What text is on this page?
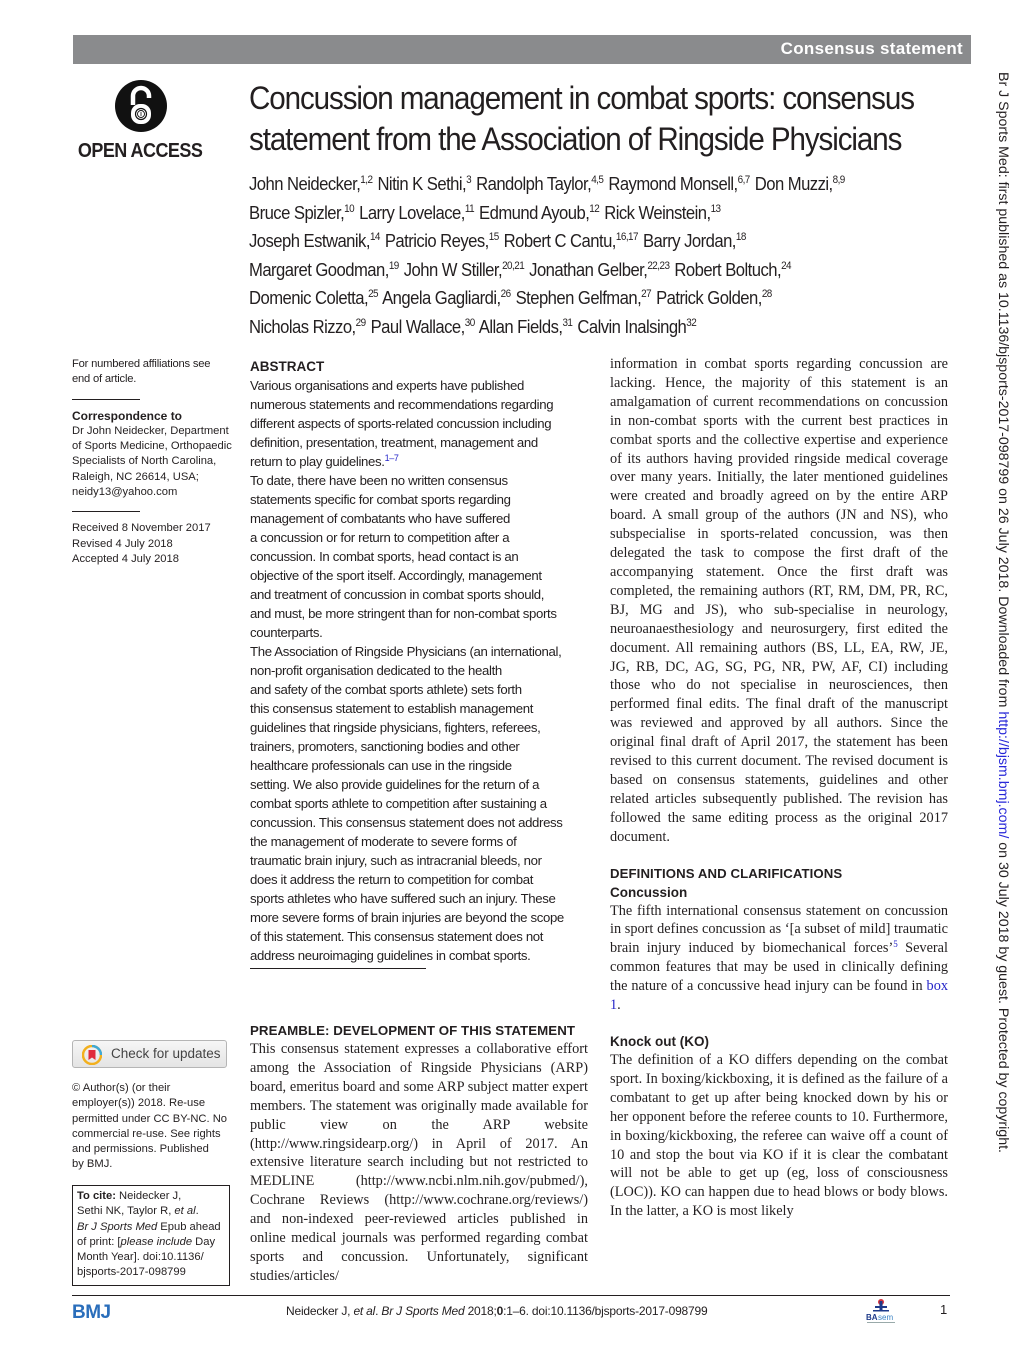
Consensus statement
OPEN ACCESS
Concussion management in combat sports: consensus
statement from the Association of Ringside Physicians
John Neidecker,$^{1,2}$ Nitin K Sethi,$^3$ Randolph Taylor,$^{4,5}$ Raymond Monsell,$^{6,7}$ Don Muzzi,$^{8,9}$
Bruce Spizler,$^{10}$ Larry Lovelace,$^{11}$ Edmund Ayoub,$^{12}$ Rick Weinstein,$^{13}$
Joseph Estwanik,$^{14}$ Patricio Reyes,$^{15}$ Robert C Cantu,$^{16,17}$ Barry Jordan,$^{18}$
Margaret Goodman,$^{19}$ John W Stiller,$^{20,21}$ Jonathan Gelber,$^{22,23}$ Robert Boltuch,$^{24}$
Domenic Coletta,$^{25}$ Angela Gagliardi,$^{26}$ Stephen Gelfman,$^{27}$ Patrick Golden,$^{28}$
Nicholas Rizzo,$^{29}$ Paul Wallace,$^{30}$ Allan Fields,$^{31}$ Calvin Inalsingh$^{32}$
For numbered affiliations see end of article.
Correspondence to
Dr John Neidecker, Department
of Sports Medicine, Orthopaedic
Specialists of North Carolina,
Raleigh, NC 26614, USA;
neidy13@yahoo.com
Received 8 November 2017
Revised 4 July 2018
Accepted 4 July 2018
Check for updates
© Author(s) (or their
employer(s)) 2018. Re-use
permitted under CC BY-NC. No
commercial re-use. See rights
and permissions. Published
by BMJ.
To cite: Neidecker J,
Sethi NK, Taylor R, et al.
Br J Sports Med Epub ahead
of print: [please include Day
Month Year]. doi:10.1136/
bjsports-2017-098799
ABSTRACT

Various organisations and experts have published
numerous statements and recommendations regarding
different aspects of sports-related concussion including
definition, presentation, treatment, management and
return to play guidelines.$^{1-7}$

To date, there have been no written consensus
statements specific for combat sports regarding
management of combatants who have suffered
a concussion or for return to competition after a
concussion. In combat sports, head contact is an
objective of the sport itself. Accordingly, management
and treatment of concussion in combat sports should,
and must, be more stringent than for non-combat sports
counterparts.

The Association of Ringside Physicians (an international,
non-profit organisation dedicated to the health
and safety of the combat sports athlete) sets forth
this consensus statement to establish management
guidelines that ringside physicians, fighters, referees,
trainers, promoters, sanctioning bodies and other
healthcare professionals can use in the ringside
setting. We also provide guidelines for the return of a
combat sports athlete to competition after sustaining a
concussion. This consensus statement does not address
the management of moderate to severe forms of
traumatic brain injury, such as intracranial bleeds, nor
does it address the return to competition for combat
sports athletes who have suffered such an injury. These
more severe forms of brain injuries are beyond the scope
of this statement. This consensus statement does not
address neuroimaging guidelines in combat sports.

PREAMBLE: DEVELOPMENT OF THIS STATEMENT

This consensus statement expresses a collaborative effort among the Association of Ringside Physicians (ARP) board, emeritus board and some ARP subject matter expert members. The statement was originally made available for public view on the ARP website (http://www.ringsidearp.org/) in April of 2017. An extensive literature search including but not restricted to MEDLINE (http://www.ncbi.nlm.nih.gov/pubmed/), Cochrane Reviews (http://www.cochrane.org/reviews/) and non-indexed peer-reviewed articles published in online medical journals was performed regarding combat sports and concussion. Unfortunately, significant studies/articles/

information in combat sports regarding concussion are lacking. Hence, the majority of this statement is an amalgamation of current recommendations on concussion in non-combat sports with the current best practices in combat sports and the collective expertise and experience of its authors having provided ringside medical coverage over many years. Initially, the later mentioned guidelines were created and broadly agreed on by the entire ARP board. A small group of the authors (JN and NS), who subspecialise in sports-related concussion, was then delegated the task to compose the first draft of the accompanying statement. Once the first draft was completed, the remaining authors (RT, RM, DM, PR, RC, BJ, MG and JS), who sub-specialise in neurology, neuroanaesthesiology and neurosurgery, first edited the document. All remaining authors (BS, LL, EA, RW, JE, JG, RB, DC, AG, SG, PG, NR, PW, AF, CI) including those who do not specialise in neurosciences, then performed final edits. The final draft of the manuscript was reviewed and approved by all authors. Since the original final draft of April 2017, the statement has been revised to this current document. The revised document is based on consensus statements, guidelines and other related articles subsequently published. The revision has followed the same editing process as the original 2017 document.

DEFINITIONS AND CLARIFICATIONS
Concussion

The fifth international consensus statement on concussion in sport defines concussion as ‘[a subset of mild] traumatic brain injury induced by biomechanical forces’$^5$ Several common features that may be used in clinically defining the nature of a concussive head injury can be found in box 1.

Knock out (KO)

The definition of a KO differs depending on the combat sport. In boxing/kickboxing, it is defined as the failure of a combatant to get up after being knocked down by his or her opponent before the referee counts to 10. Furthermore, in boxing/kickboxing, the referee can waive off a count of 10 and stop the bout via KO if it is clear the combatant will not be able to get up (eg, loss of consciousness (LOC)). KO can happen due to head blows or body blows. In the latter, a KO is most likely

BMJ	Neidecker J, et al. Br J Sports Med 2018;0:1–6. doi:10.1136/bjsports-2017-098799	BA sem
1
Br J Sports Med: first published as 10.1136/bjsports-2017-098799 on 26 July 2018. Downloaded from http://bjsm.bmj.com/ on 30 July 2018 by guest. Protected by copyright.
